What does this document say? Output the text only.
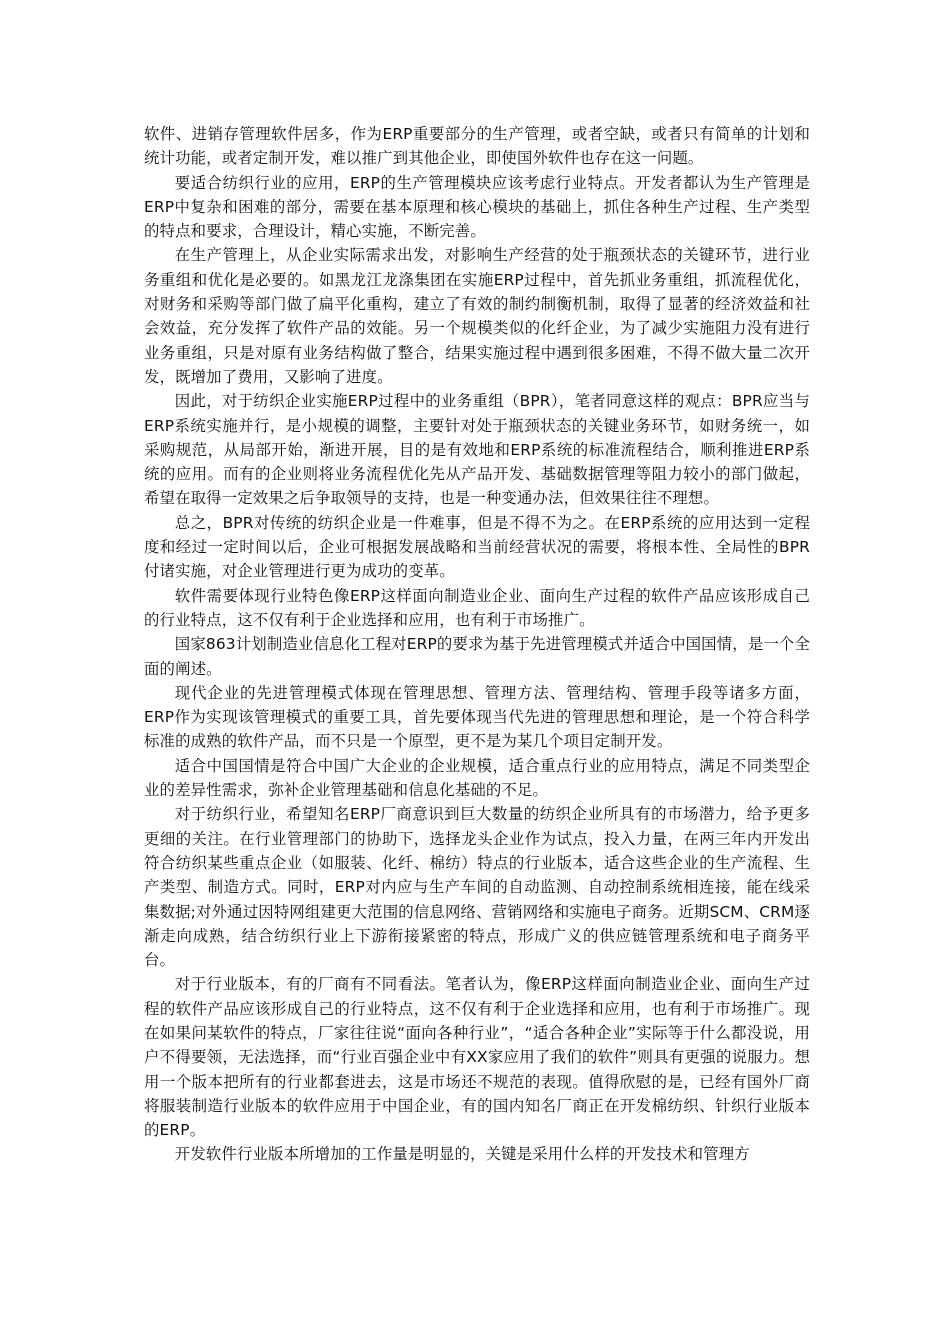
软件、进销存管理软件居多，作为ERP重要部分的生产管理，或者空缺，或者只有简单的计划和统计功能，或者定制开发，难以推广到其他企业，即使国外软件也存在这一问题。

要适合纺织行业的应用，ERP的生产管理模块应该考虑行业特点。开发者都认为生产管理是ERP中复杂和困难的部分，需要在基本原理和核心模块的基础上，抓住各种生产过程、生产类型的特点和要求，合理设计，精心实施，不断完善。

在生产管理上，从企业实际需求出发，对影响生产经营的处于瓶颈状态的关键环节，进行业务重组和优化是必要的。如黑龙江龙涤集团在实施ERP过程中，首先抓业务重组，抓流程优化，对财务和采购等部门做了扁平化重构，建立了有效的制约制衡机制，取得了显著的经济效益和社会效益，充分发挥了软件产品的效能。另一个规模类似的化纤企业，为了减少实施阻力没有进行业务重组，只是对原有业务结构做了整合，结果实施过程中遇到很多困难，不得不做大量二次开发，既增加了费用，又影响了进度。

因此，对于纺织企业实施ERP过程中的业务重组（BPR），笔者同意这样的观点：BPR应当与ERP系统实施并行，是小规模的调整，主要针对处于瓶颈状态的关键业务环节，如财务统一，如采购规范，从局部开始，渐进开展，目的是有效地和ERP系统的标准流程结合，顺利推进ERP系统的应用。而有的企业则将业务流程优化先从产品开发、基础数据管理等阻力较小的部门做起，希望在取得一定效果之后争取领导的支持，也是一种变通办法，但效果往往不理想。

总之，BPR对传统的纺织企业是一件难事，但是不得不为之。在ERP系统的应用达到一定程度和经过一定时间以后，企业可根据发展战略和当前经营状况的需要，将根本性、全局性的BPR付诸实施，对企业管理进行更为成功的变革。

软件需要体现行业特色像ERP这样面向制造业企业、面向生产过程的软件产品应该形成自己的行业特点，这不仅有利于企业选择和应用，也有利于市场推广。

国家863计划制造业信息化工程对ERP的要求为基于先进管理模式并适合中国国情，是一个全面的阐述。

现代企业的先进管理模式体现在管理思想、管理方法、管理结构、管理手段等诸多方面，ERP作为实现该管理模式的重要工具，首先要体现当代先进的管理思想和理论，是一个符合科学标准的成熟的软件产品，而不只是一个原型，更不是为某几个项目定制开发。

适合中国国情是符合中国广大企业的企业规模，适合重点行业的应用特点，满足不同类型企业的差异性需求，弥补企业管理基础和信息化基础的不足。

对于纺织行业，希望知名ERP厂商意识到巨大数量的纺织企业所具有的市场潜力，给予更多更细的关注。在行业管理部门的协助下，选择龙头企业作为试点，投入力量，在两三年内开发出符合纺织某些重点企业（如服装、化纤、棉纺）特点的行业版本，适合这些企业的生产流程、生产类型、制造方式。同时，ERP对内应与生产车间的自动监测、自动控制系统相连接，能在线采集数据;对外通过因特网组建更大范围的信息网络、营销网络和实施电子商务。近期SCM、CRM逐渐走向成熟，结合纺织行业上下游衔接紧密的特点，形成广义的供应链管理系统和电子商务平台。

对于行业版本，有的厂商有不同看法。笔者认为，像ERP这样面向制造业企业、面向生产过程的软件产品应该形成自己的行业特点，这不仅有利于企业选择和应用，也有利于市场推广。现在如果问某软件的特点，厂家往往说“面向各种行业”，“适合各种企业”实际等于什么都没说，用户不得要领，无法选择，而“行业百强企业中有XX家应用了我们的软件”则具有更强的说服力。想用一个版本把所有的行业都套进去，这是市场还不规范的表现。值得欣慰的是，已经有国外厂商将服装制造行业版本的软件应用于中国企业，有的国内知名厂商正在开发棉纺织、针织行业版本的ERP。

开发软件行业版本所增加的工作量是明显的，关键是采用什么样的开发技术和管理方
